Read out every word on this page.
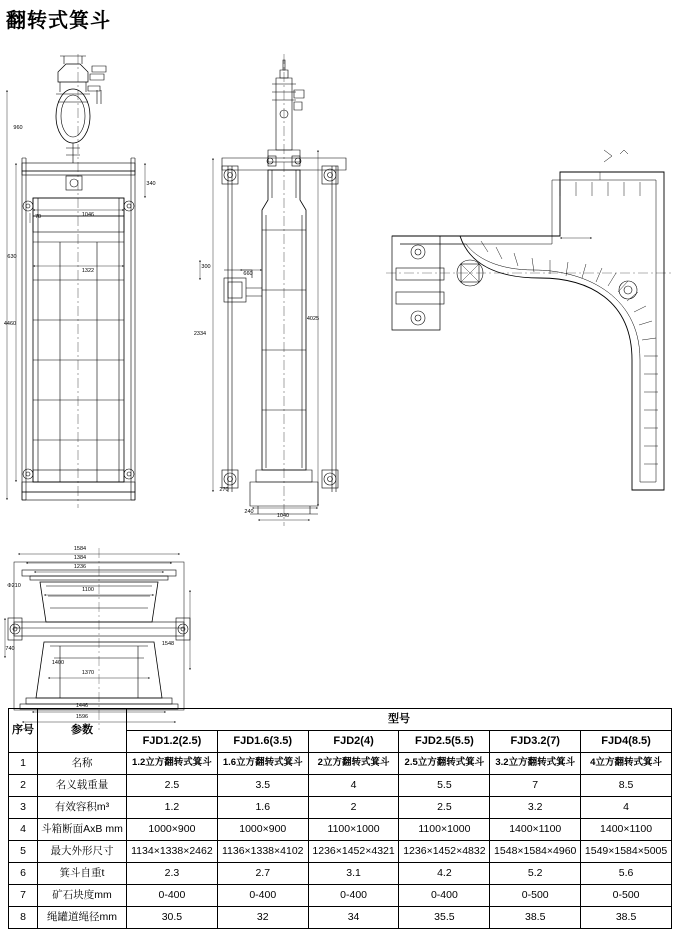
翻转式箕斗
1046
1322
70
630
960
4460
340
660
300
4025
2334
270
240
1040
1584
1384
1236
1100
Φ210
740
1548
1400
1370
1446
1596
序号	参数	型号					
		FJD1.2(2.5)	FJD1.6(3.5)	FJD2(4)	FJD2.5(5.5)	FJD3.2(7)	FJD4(8.5)
1	名称	1.2立方翻转式箕斗	1.6立方翻转式箕斗	2立方翻转式箕斗	2.5立方翻转式箕斗	3.2立方翻转式箕斗	4立方翻转式箕斗
2	名义载重量	2.5	3.5	4	5.5	7	8.5
3	有效容积m³	1.2	1.6	2	2.5	3.2	4
4	斗箱断面AxB mm	1000×900	1000×900	1100×1000	1100×1000	1400×1100	1400×1100
5	最大外形尺寸	1134×1338×2462	1136×1338×4102	1236×1452×4321	1236×1452×4832	1548×1584×4960	1549×1584×5005
6	箕斗自重t	2.3	2.7	3.1	4.2	5.2	5.6
7	矿石块度mm	0-400	0-400	0-400	0-400	0-500	0-500
8	绳罐道绳径mm	30.5	32	34	35.5	38.5	38.5
